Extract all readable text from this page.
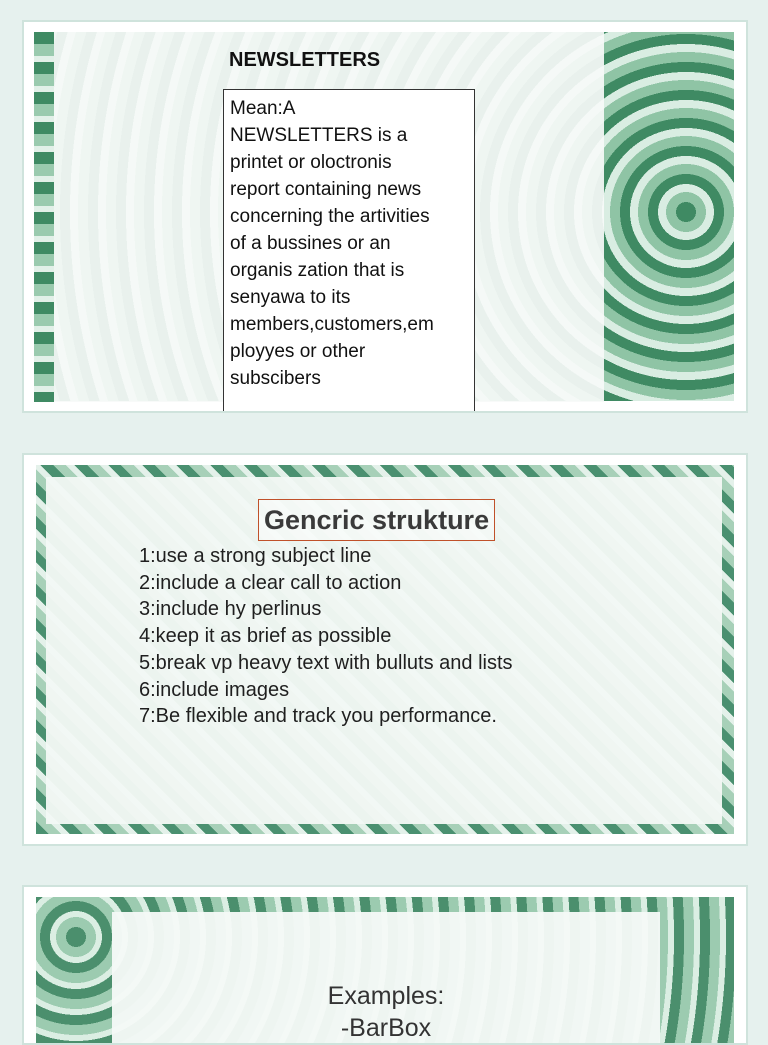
NEWSLETTERS
Mean:A
NEWSLETTERS is a
printet or oloctronis
report containing news
concerning the artivities
of a bussines or an
organis zation that is
senyawa to its
members,customers,em
ployyes or other
subscibers
Gencric strukture
1:use a strong subject line
2:include a clear call to action
3:include hy perlinus
4:keep it as brief as possible
5:break vp heavy text with bulluts and lists
6:include images
7:Be flexible and track you performance.
Examples:
-BarBox
